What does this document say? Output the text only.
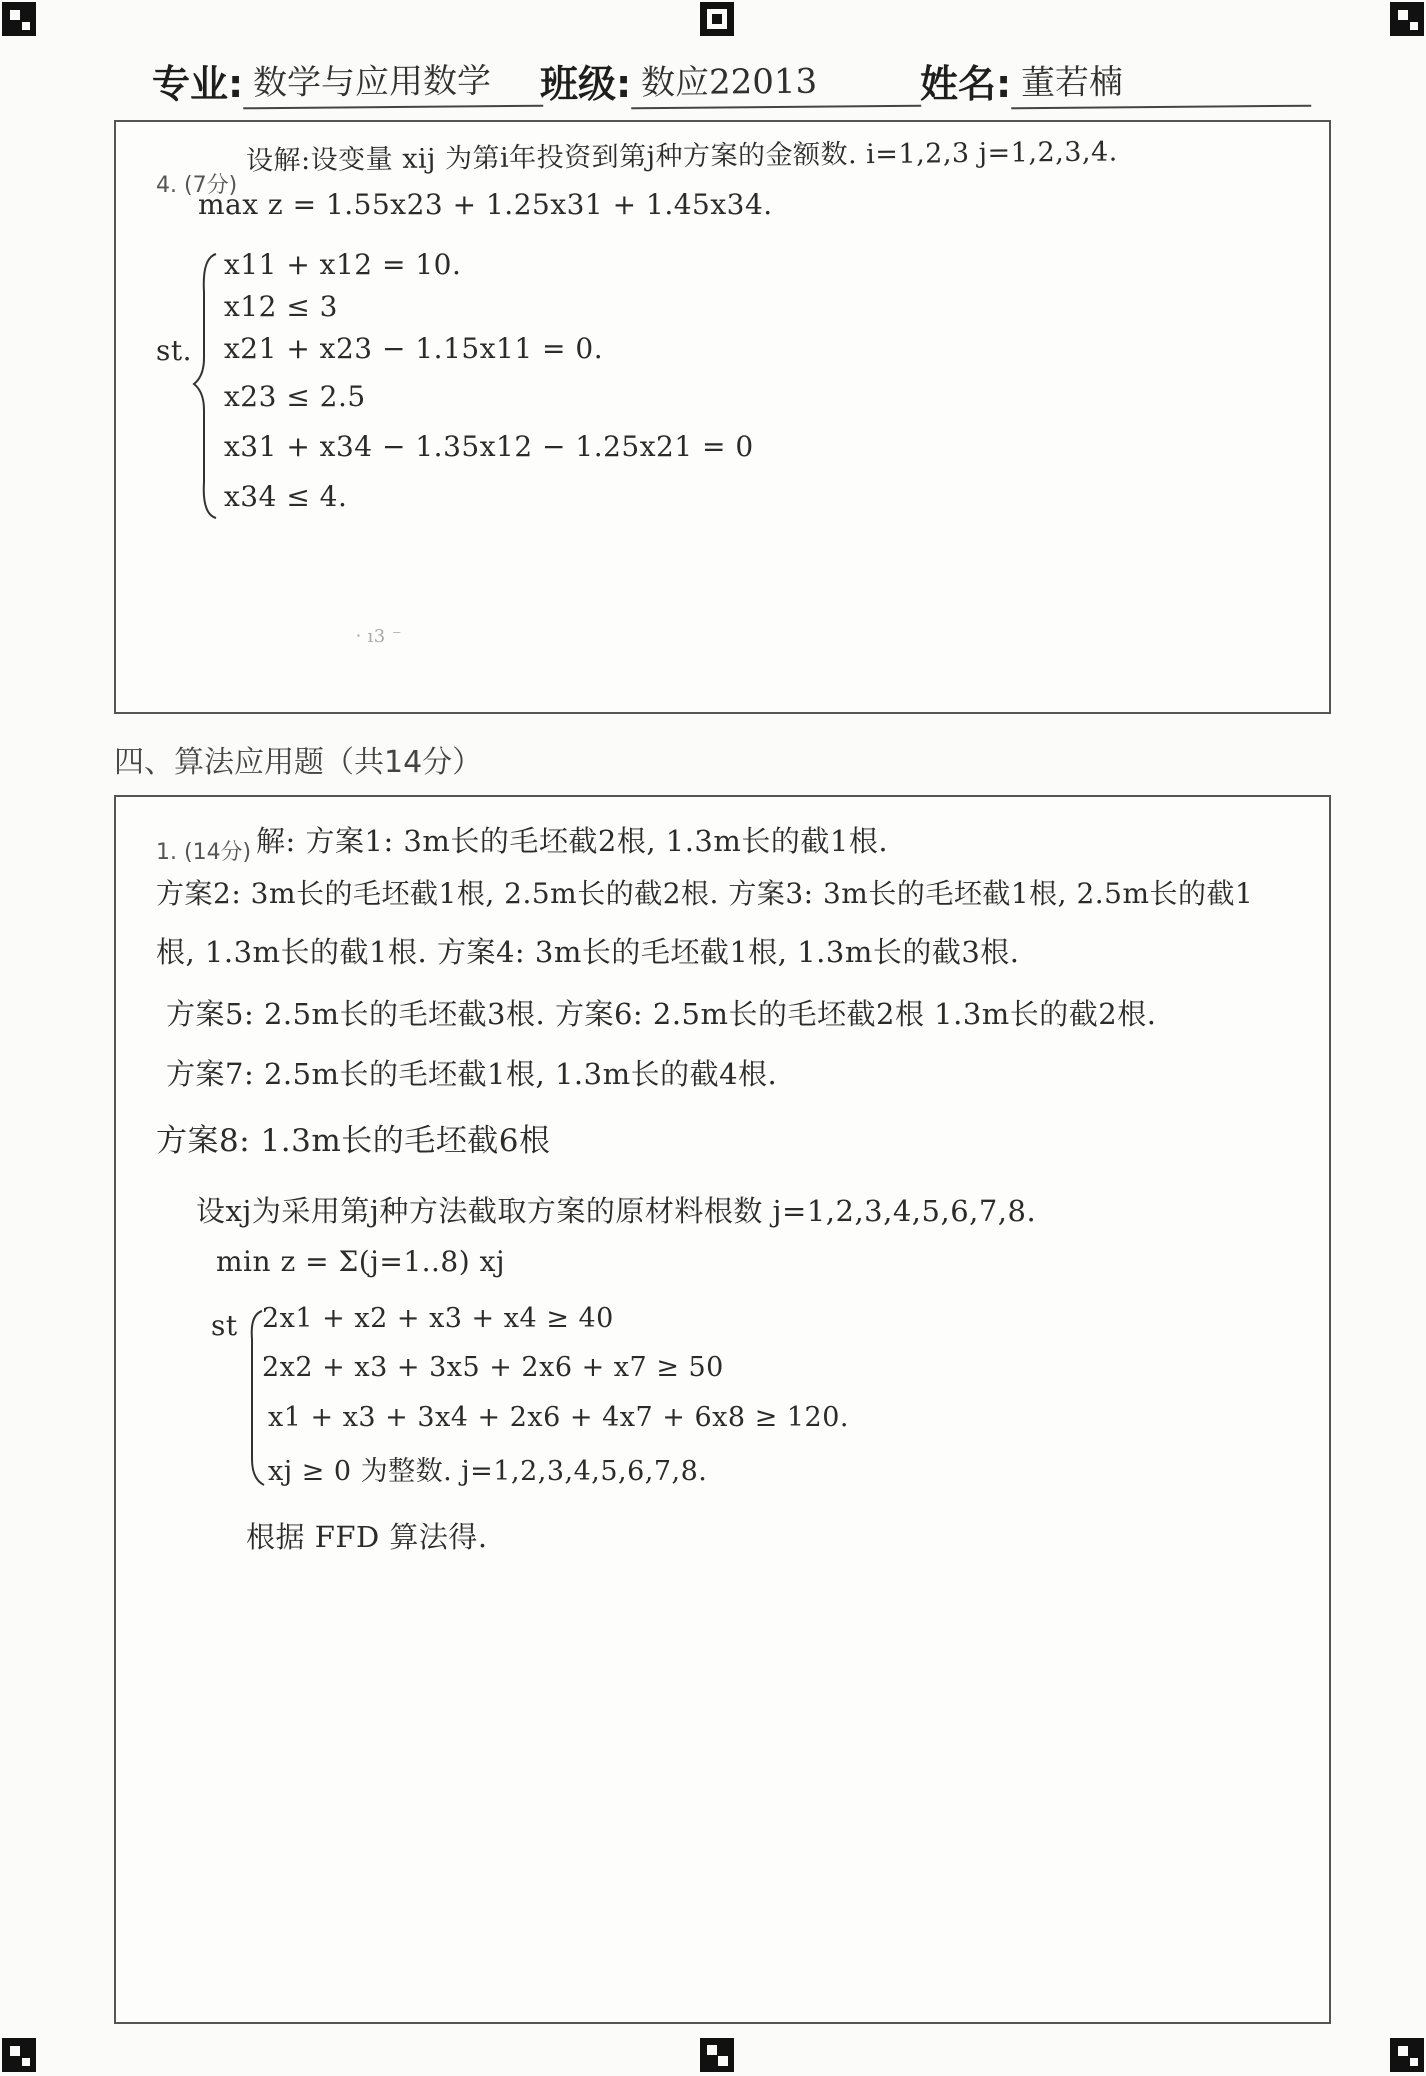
专业: 数学与应用数学	班级: 数应22013	姓名: 董若楠
4. (7分)
设解:设变量 xij 为第i年投资到第j种方案的金额数. i=1,2,3 j=1,2,3,4.
max z = 1.55x23 + 1.25x31 + 1.45x34.
st.
x11 + x12 = 10.
x12 ≤ 3
x21 + x23 − 1.15x11 = 0.
x23 ≤ 2.5
x31 + x34 − 1.35x12 − 1.25x21 = 0
x34 ≤ 4.
⸱ ı3 ⁻
四、算法应用题（共14分）
1. (14分) 解: 方案1: 3m长的毛坯截2根, 1.3m长的截1根.
方案2: 3m长的毛坯截1根, 2.5m长的截2根. 方案3: 3m长的毛坯截1根, 2.5m长的截1
根, 1.3m长的截1根. 方案4: 3m长的毛坯截1根, 1.3m长的截3根.
方案5: 2.5m长的毛坯截3根. 方案6: 2.5m长的毛坯截2根 1.3m长的截2根.
方案7: 2.5m长的毛坯截1根, 1.3m长的截4根.
方案8: 1.3m长的毛坯截6根
设xj为采用第j种方法截取方案的原材料根数 j=1,2,3,4,5,6,7,8.
min z = Σ(j=1..8) xj
st 2x1 + x2 + x3 + x4 ≥ 40
2x2 + x3 + 3x5 + 2x6 + x7 ≥ 50
x1 + x3 + 3x4 + 2x6 + 4x7 + 6x8 ≥ 120.
xj ≥ 0 为整数. j=1,2,3,4,5,6,7,8.
根据 FFD 算法得.
